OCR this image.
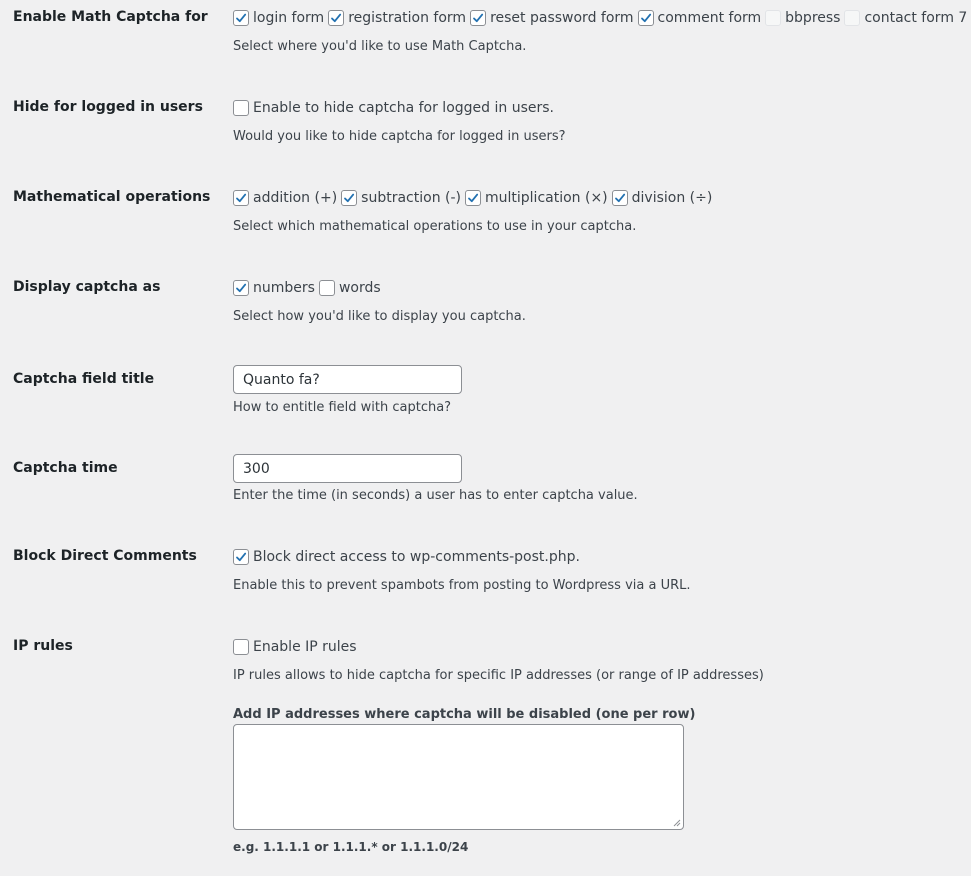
Enable Math Captcha for	login form registration form reset password form comment form bbpress contact form 7
Select where you'd like to use Math Captcha.
Hide for logged in users	Enable to hide captcha for logged in users.
Would you like to hide captcha for logged in users?
Mathematical operations	addition (+) subtraction (-) multiplication (×) division (÷)
Select which mathematical operations to use in your captcha.
Display captcha as	numbers words
Select how you'd like to display you captcha.
Captcha field title	Quanto fa?
How to entitle field with captcha?
Captcha time	300
Enter the time (in seconds) a user has to enter captcha value.
Block Direct Comments	Block direct access to wp-comments-post.php.
Enable this to prevent spambots from posting to Wordpress via a URL.
IP rules	Enable IP rules
IP rules allows to hide captcha for specific IP addresses (or range of IP addresses)
Add IP addresses where captcha will be disabled (one per row)
e.g. 1.1.1.1 or 1.1.1.* or 1.1.1.0/24
